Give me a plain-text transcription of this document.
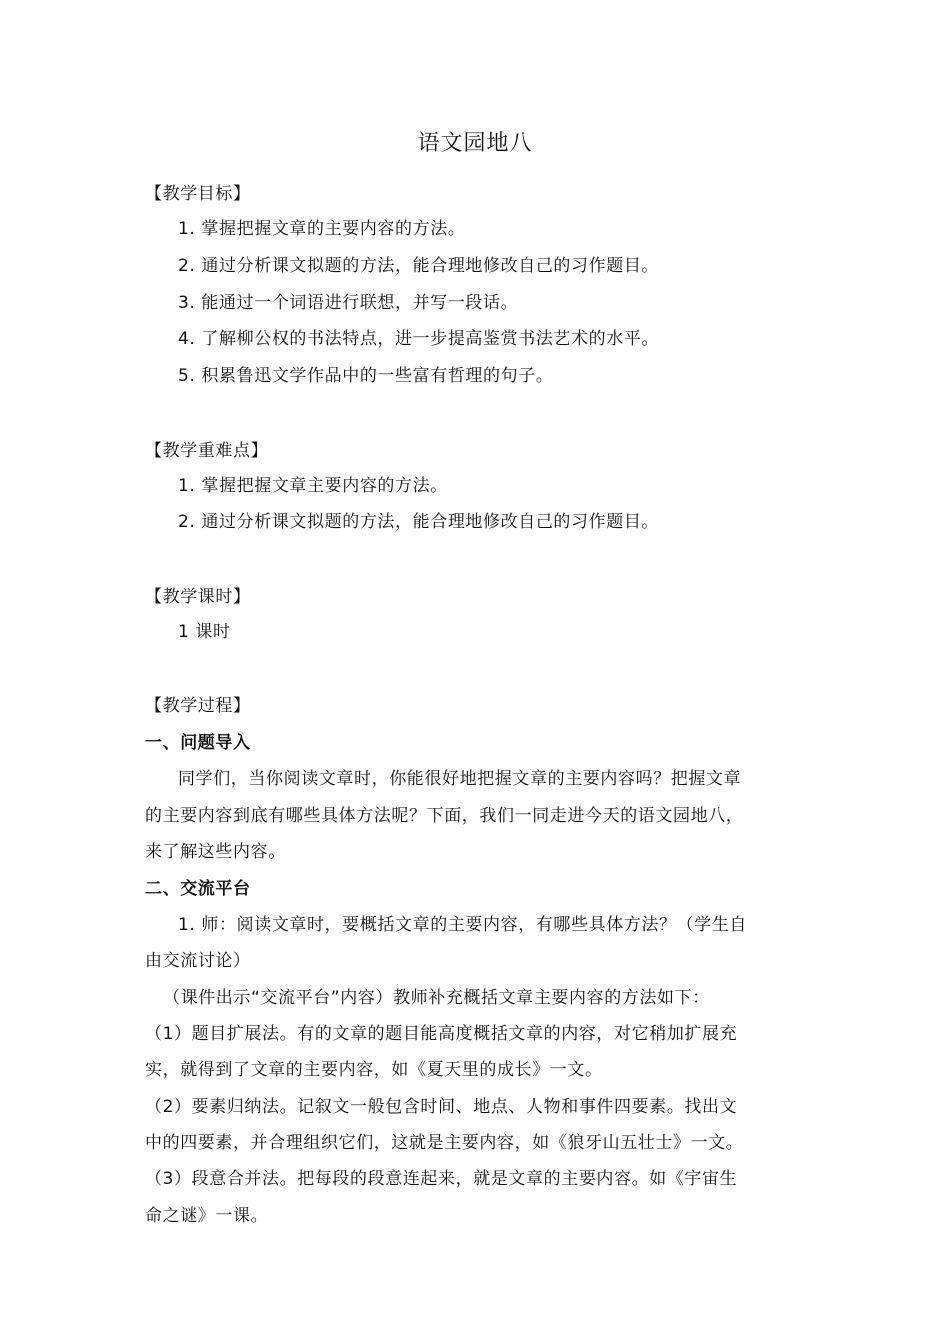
语文园地八
【教学目标】
1. 掌握把握文章的主要内容的方法。
2. 通过分析课文拟题的方法，能合理地修改自己的习作题目。
3. 能通过一个词语进行联想，并写一段话。
4. 了解柳公权的书法特点，进一步提高鉴赏书法艺术的水平。
5. 积累鲁迅文学作品中的一些富有哲理的句子。
【教学重难点】
1. 掌握把握文章主要内容的方法。
2. 通过分析课文拟题的方法，能合理地修改自己的习作题目。
【教学课时】
1 课时
【教学过程】
一、问题导入
同学们，当你阅读文章时，你能很好地把握文章的主要内容吗？把握文章
的主要内容到底有哪些具体方法呢？下面，我们一同走进今天的语文园地八，
来了解这些内容。
二、交流平台
1. 师：阅读文章时，要概括文章的主要内容，有哪些具体方法？（学生自
由交流讨论）
（课件出示“交流平台”内容）教师补充概括文章主要内容的方法如下：
（1）题目扩展法。有的文章的题目能高度概括文章的内容，对它稍加扩展充
实，就得到了文章的主要内容，如《夏天里的成长》一文。
（2）要素归纳法。记叙文一般包含时间、地点、人物和事件四要素。找出文
中的四要素，并合理组织它们，这就是主要内容，如《狼牙山五壮士》一文。
（3）段意合并法。把每段的段意连起来，就是文章的主要内容。如《宇宙生
命之谜》一课。
